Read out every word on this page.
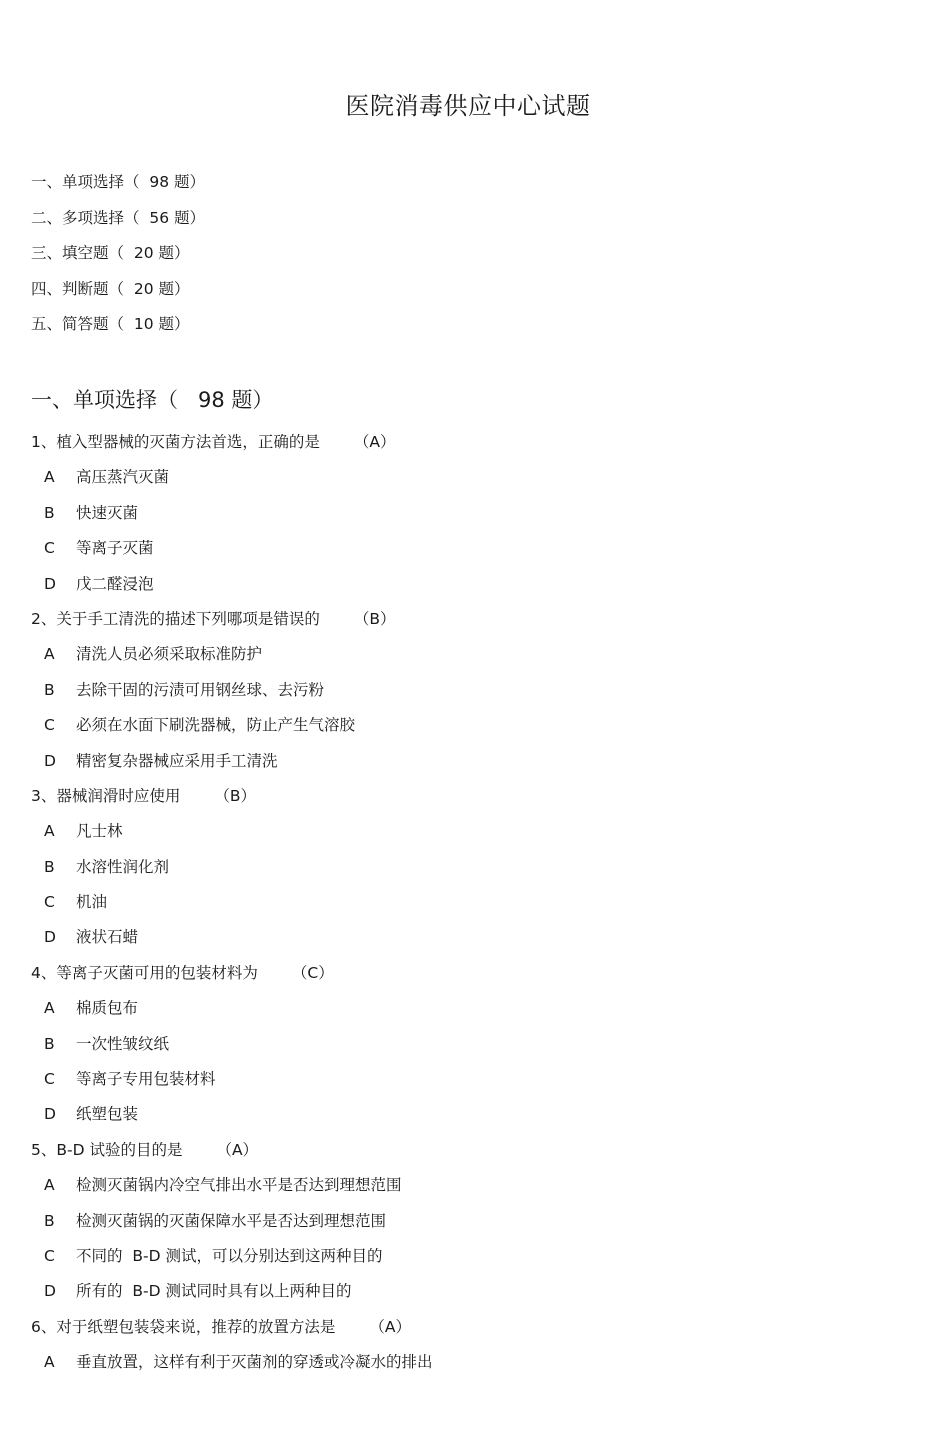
医院消毒供应中心试题
一、单项选择（  98 题）
二、多项选择（  56 题）
三、填空题（  20 题）
四、判断题（  20 题）
五、简答题（  10 题）
一、单项选择（   98 题）
1、植入型器械的灭菌方法首选，正确的是 （A）
A 高压蒸汽灭菌
B 快速灭菌
C 等离子灭菌
D 戊二醛浸泡
2、关于手工清洗的描述下列哪项是错误的 （B）
A 清洗人员必须采取标准防护
B 去除干固的污渍可用钢丝球、去污粉
C 必须在水面下刷洗器械，防止产生气溶胶
D 精密复杂器械应采用手工清洗
3、器械润滑时应使用 （B）
A 凡士林
B 水溶性润化剂
C 机油
D 液状石蜡
4、等离子灭菌可用的包装材料为 （C）
A 棉质包布
B 一次性皱纹纸
C 等离子专用包装材料
D 纸塑包装
5、B-D 试验的目的是 （A）
A 检测灭菌锅内冷空气排出水平是否达到理想范围
B 检测灭菌锅的灭菌保障水平是否达到理想范围
C 不同的  B-D 测试，可以分别达到这两种目的
D 所有的  B-D 测试同时具有以上两种目的
6、对于纸塑包装袋来说，推荐的放置方法是 （A）
A 垂直放置，这样有利于灭菌剂的穿透或冷凝水的排出
